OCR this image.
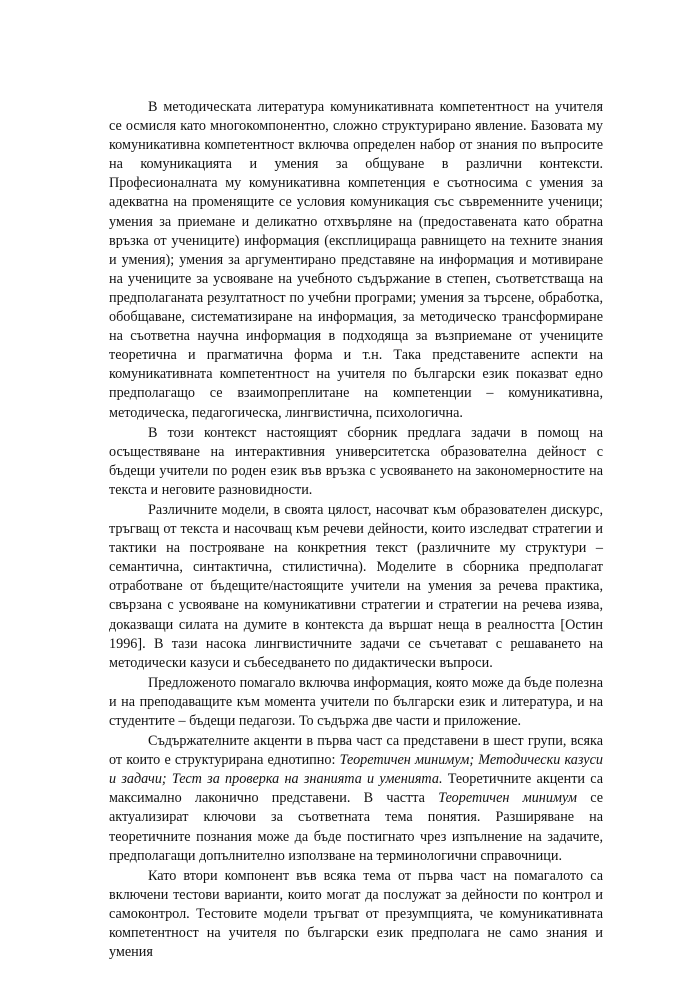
В методическата литература комуникативната компетентност на учителя се осмисля като многокомпонентно, сложно структурирано явление. Базовата му комуникативна компетентност включва определен набор от знания по въпросите на комуникацията и умения за общуване в различни контексти. Професионалната му комуникативна компетенция е съотносима с умения за адекватна на променящите се условия комуникация със съвременните ученици; умения за приемане и деликатно отхвърляне на (предоставената като обратна връзка от учениците) информация (експлицираща равнището на техните знания и умения); умения за аргументирано представяне на информация и мотивиране на учениците за усвояване на учебното съдържание в степен, съответстваща на предполаганата резултатност по учебни програми; умения за търсене, обработка, обобщаване, систематизиране на информация, за методическо трансформиране на съответна научна информация в подходяща за възприемане от учениците теоретична и прагматична форма и т.н. Така представените аспекти на комуникативната компетентност на учителя по български език показват едно предполагащо се взаимопреплитане на компетенции – комуникативна, методическа, педагогическа, лингвистична, психологична.

В този контекст настоящият сборник предлага задачи в помощ на осъществяване на интерактивния университетска образователна дейност с бъдещи учители по роден език във връзка с усвояването на закономерностите на текста и неговите разновидности.

Различните модели, в своята цялост, насочват към образователен дискурс, тръгващ от текста и насочващ към речеви дейности, които изследват стратегии и тактики на построяване на конкретния текст (различните му структури – семантична, синтактична, стилистична). Моделите в сборника предполагат отработване от бъдещите/настоящите учители на умения за речева практика, свързана с усвояване на комуникативни стратегии и стратегии на речева изява, доказващи силата на думите в контекста да вършат неща в реалността [Остин 1996]. В тази насока лингвистичните задачи се съчетават с решаването на методически казуси и събеседването по дидактически въпроси.

Предложеното помагало включва информация, която може да бъде полезна и на преподаващите към момента учители по български език и литература, и на студентите – бъдещи педагози. То съдържа две части и приложение.

Съдържателните акценти в първа част са представени в шест групи, всяка от които е структурирана еднотипно: Теоретичен минимум; Методически казуси и задачи; Тест за проверка на знанията и уменията. Теоретичните акценти са максимално лаконично представени. В частта Теоретичен минимум се актуализират ключови за съответната тема понятия. Разширяване на теоретичните познания може да бъде постигнато чрез изпълнение на задачите, предполагащи допълнително използване на терминологични справочници.

Като втори компонент във всяка тема от първа част на помагалото са включени тестови варианти, които могат да послужат за дейности по контрол и самоконтрол. Тестовите модели тръгват от презумпцията, че комуникативната компетентност на учителя по български език предполага не само знания и умения
